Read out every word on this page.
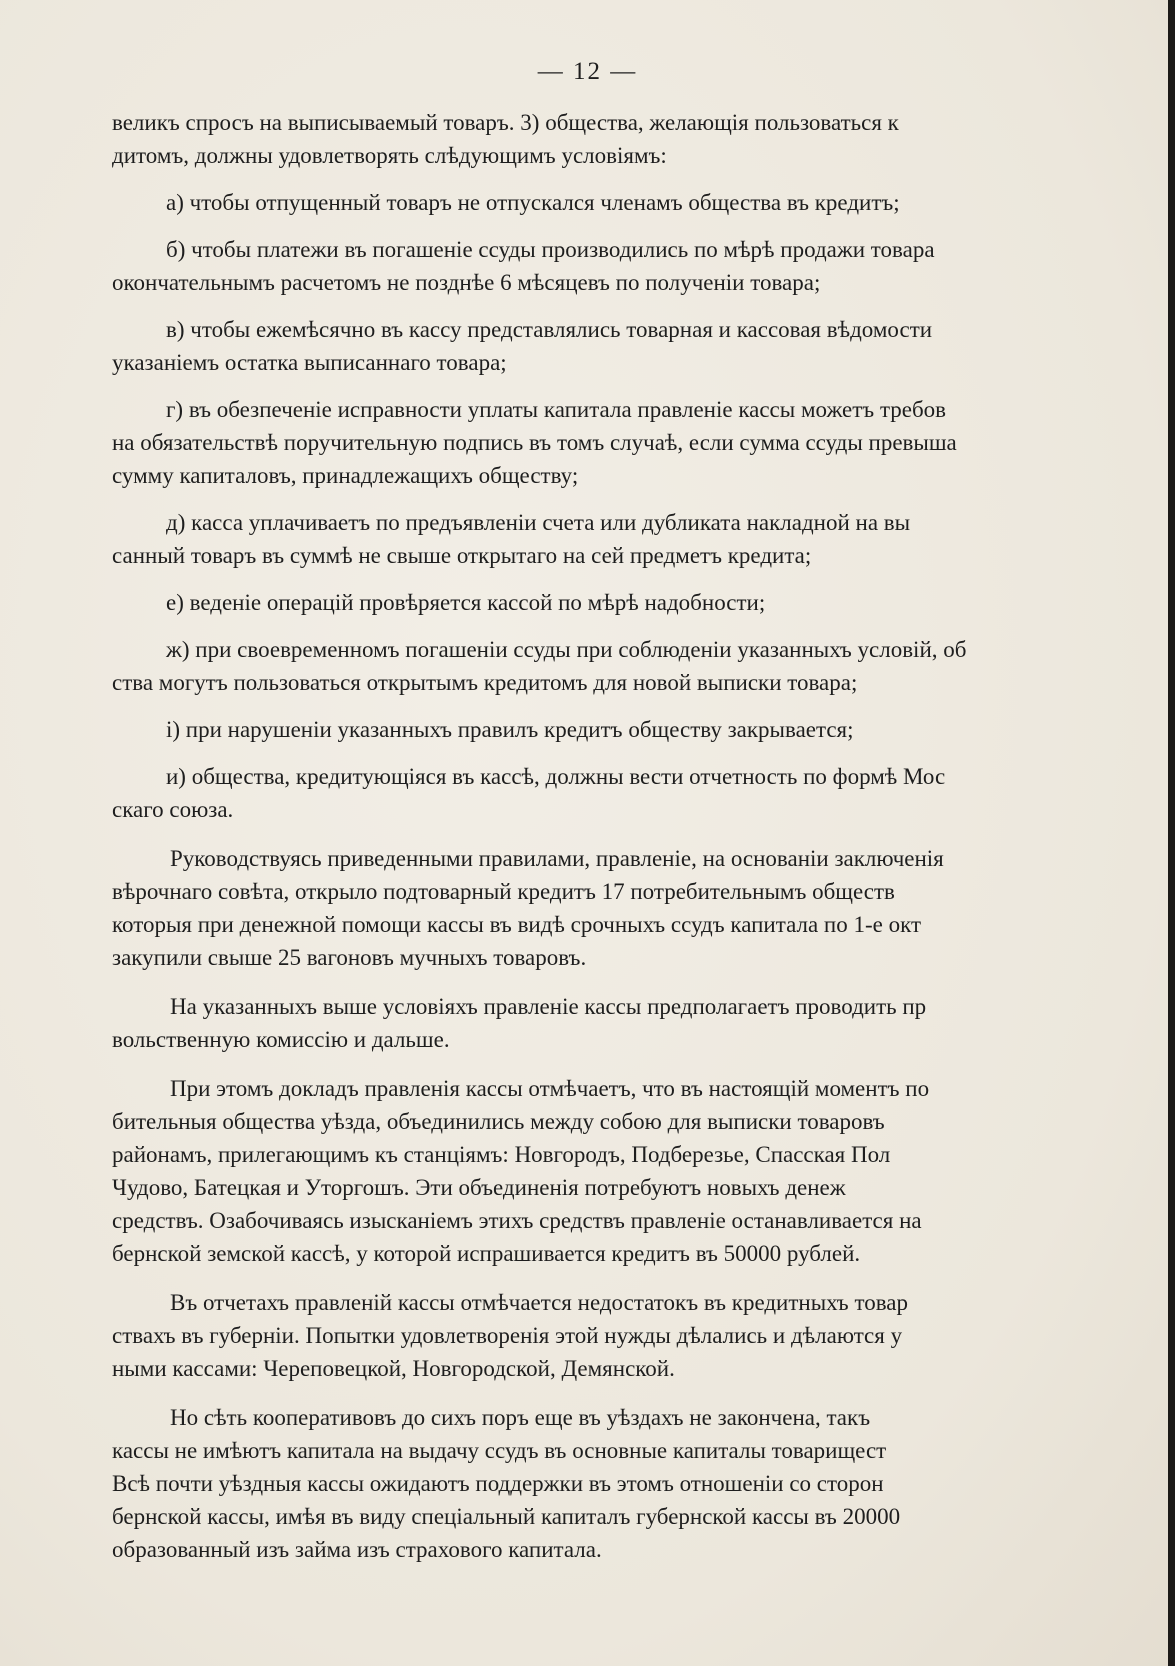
— 12 —
великъ спросъ на выписываемый товаръ. 3) общества, желающія пользоваться к
дитомъ, должны удовлетворять слѣдующимъ условіямъ:
а) чтобы отпущенный товаръ не отпускался членамъ общества въ кредитъ;
б) чтобы платежи въ погашеніе ссуды производились по мѣрѣ продажи товара
окончательнымъ расчетомъ не позднѣе 6 мѣсяцевъ по полученіи товара;
в) чтобы ежемѣсячно въ кассу представлялись товарная и кассовая вѣдомости
указаніемъ остатка выписаннаго товара;
г) въ обезпеченіе исправности уплаты капитала правленіе кассы можетъ требов
на обязательствѣ поручительную подпись въ томъ случаѣ, если сумма ссуды превыша
сумму капиталовъ, принадлежащихъ обществу;
д) касса уплачиваетъ по предъявленіи счета или дубликата накладной на вы
санный товаръ въ суммѣ не свыше открытаго на сей предметъ кредита;
е) веденіе операцій провѣряется кассой по мѣрѣ надобности;
ж) при своевременномъ погашеніи ссуды при соблюденіи указанныхъ условій, об
ства могутъ пользоваться открытымъ кредитомъ для новой выписки товара;
і) при нарушеніи указанныхъ правилъ кредитъ обществу закрывается;
и) общества, кредитующіяся въ кассѣ, должны вести отчетность по формѣ Мос
скаго союза.
Руководствуясь приведенными правилами, правленіе, на основаніи заключенія
вѣрочнаго совѣта, открыло подтоварный кредитъ 17 потребительнымъ обществ
которыя при денежной помощи кассы въ видѣ срочныхъ ссудъ капитала по 1-е окт
закупили свыше 25 вагоновъ мучныхъ товаровъ.
На указанныхъ выше условіяхъ правленіе кассы предполагаетъ проводить пр
вольственную комиссію и дальше.
При этомъ докладъ правленія кассы отмѣчаетъ, что въ настоящій моментъ по
бительныя общества уѣзда, объединились между собою для выписки товаровъ
районамъ, прилегающимъ къ станціямъ: Новгородъ, Подберезье, Спасская Пол
Чудово, Батецкая и Уторгошъ. Эти объединенія потребуютъ новыхъ денеж
средствъ. Озабочиваясь изысканіемъ этихъ средствъ правленіе останавливается на
бернской земской кассѣ, у которой испрашивается кредитъ въ 50000 рублей.
Въ отчетахъ правленій кассы отмѣчается недостатокъ въ кредитныхъ товар
ствахъ въ губерніи. Попытки удовлетворенія этой нужды дѣлались и дѣлаются у
ными кассами: Череповецкой, Новгородской, Демянской.
Но сѣть кооперативовъ до сихъ поръ еще въ уѣздахъ не закончена, такъ
кассы не имѣютъ капитала на выдачу ссудъ въ основные капиталы товарищест
Всѣ почти уѣздныя кассы ожидаютъ поддержки въ этомъ отношеніи со сторон
бернской кассы, имѣя въ виду спеціальный капиталъ губернской кассы въ 20000
образованный изъ займа изъ страхового капитала.
